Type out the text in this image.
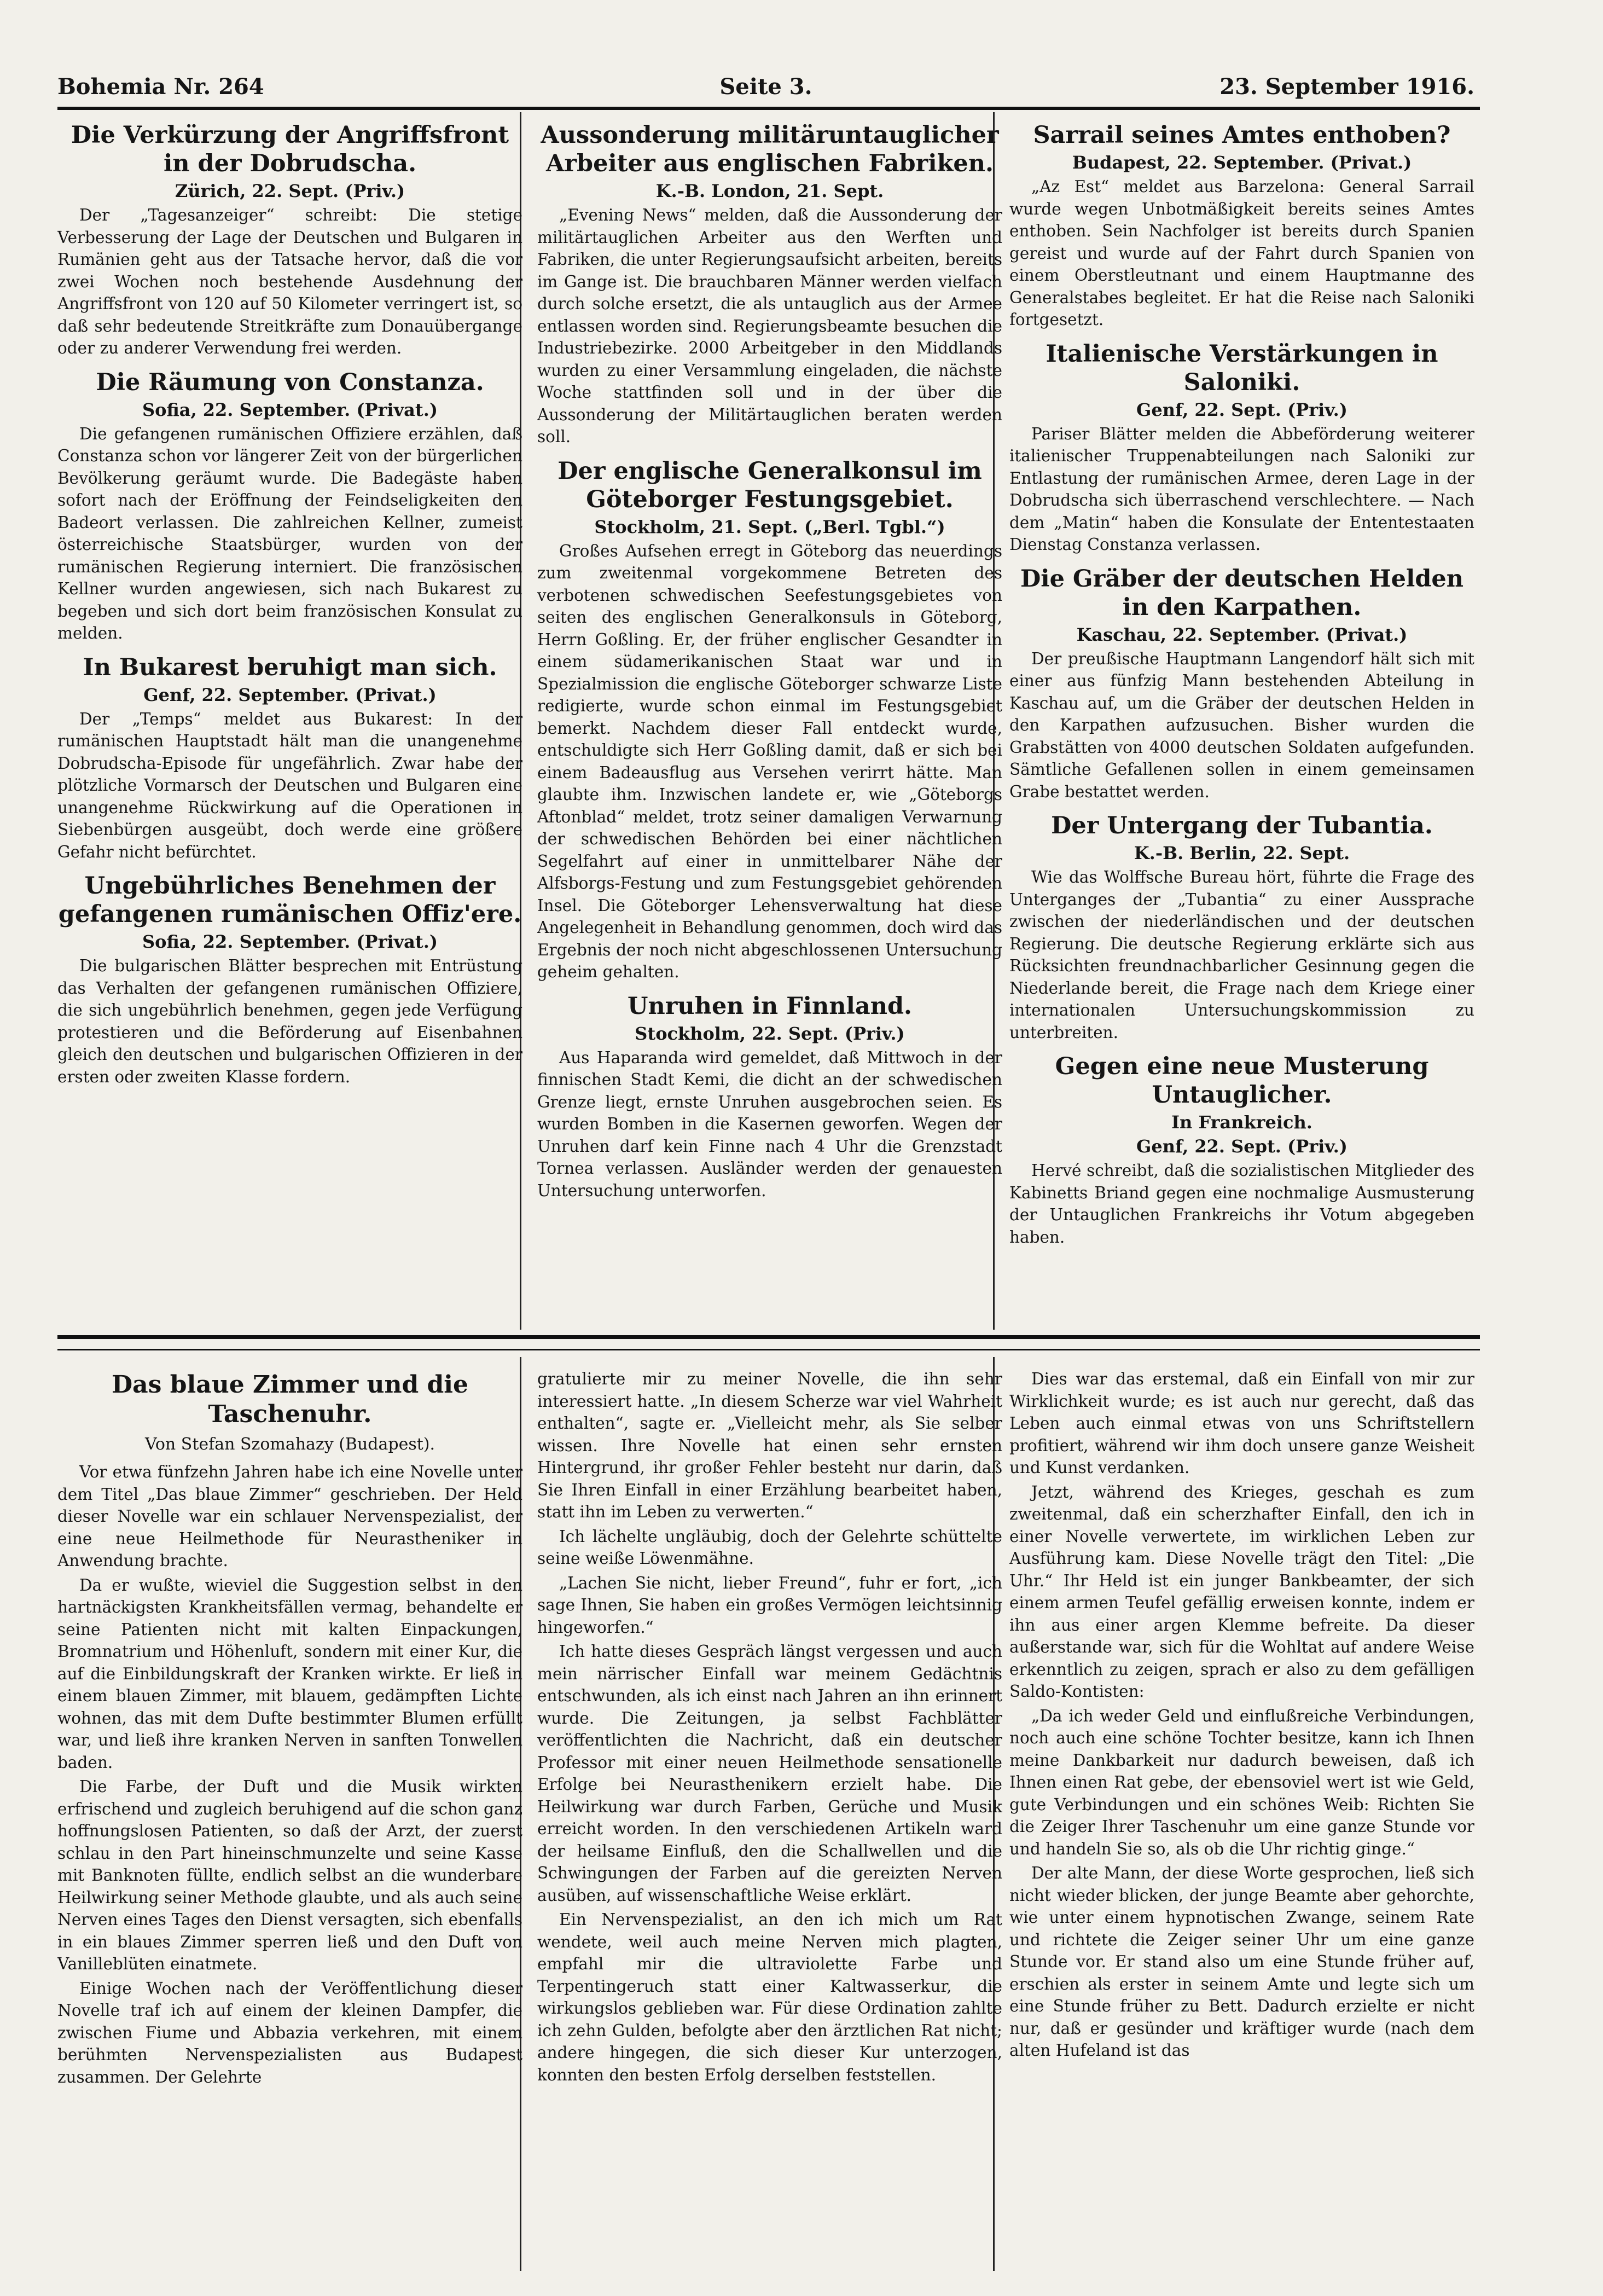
Bohemia Nr. 264	Seite 3.	23. September 1916.
Die Verkürzung der Angriffsfront in der Dobrudscha.
Zürich, 22. Sept. (Priv.)

Der „Tagesanzeiger“ schreibt: Die stetige Verbesserung der Lage der Deutschen und Bulgaren in Rumänien geht aus der Tatsache hervor, daß die vor zwei Wochen noch bestehende Ausdehnung der Angriffsfront von 120 auf 50 Kilometer verringert ist, so daß sehr bedeutende Streitkräfte zum Donauübergange oder zu anderer Verwendung frei werden.

Die Räumung von Constanza.
Sofia, 22. September. (Privat.)

Die gefangenen rumänischen Offiziere erzählen, daß Constanza schon vor längerer Zeit von der bürgerlichen Bevölkerung geräumt wurde. Die Badegäste haben sofort nach der Eröffnung der Feindseligkeiten den Badeort verlassen. Die zahlreichen Kellner, zumeist österreichische Staatsbürger, wurden von der rumänischen Regierung interniert. Die französischen Kellner wurden angewiesen, sich nach Bukarest zu begeben und sich dort beim französischen Konsulat zu melden.

In Bukarest beruhigt man sich.
Genf, 22. September. (Privat.)

Der „Temps“ meldet aus Bukarest: In der rumänischen Hauptstadt hält man die unangenehme Dobrudscha-Episode für ungefährlich. Zwar habe der plötzliche Vormarsch der Deutschen und Bulgaren eine unangenehme Rückwirkung auf die Operationen in Siebenbürgen ausgeübt, doch werde eine größere Gefahr nicht befürchtet.

Ungebührliches Benehmen der gefangenen rumänischen Offiz'ere.
Sofia, 22. September. (Privat.)

Die bulgarischen Blätter besprechen mit Entrüstung das Verhalten der gefangenen rumänischen Offiziere, die sich ungebührlich benehmen, gegen jede Verfügung protestieren und die Beförderung auf Eisenbahnen gleich den deutschen und bulgarischen Offizieren in der ersten oder zweiten Klasse fordern.

Aussonderung militäruntauglicher Arbeiter aus englischen Fabriken.
K.-B. London, 21. Sept.

„Evening News“ melden, daß die Aussonderung der militärtauglichen Arbeiter aus den Werften und Fabriken, die unter Regierungsaufsicht arbeiten, bereits im Gange ist. Die brauchbaren Männer werden vielfach durch solche ersetzt, die als untauglich aus der Armee entlassen worden sind. Regierungsbeamte besuchen die Industriebezirke. 2000 Arbeitgeber in den Middlands wurden zu einer Versammlung eingeladen, die nächste Woche stattfinden soll und in der über die Aussonderung der Militärtauglichen beraten werden soll.

Der englische Generalkonsul im Göteborger Festungsgebiet.
Stockholm, 21. Sept. („Berl. Tgbl.“)

Großes Aufsehen erregt in Göteborg das neuerdings zum zweitenmal vorgekommene Betreten des verbotenen schwedischen Seefestungsgebietes von seiten des englischen Generalkonsuls in Göteborg, Herrn Goßling. Er, der früher englischer Gesandter in einem südamerikanischen Staat war und in Spezialmission die englische Göteborger schwarze Liste redigierte, wurde schon einmal im Festungsgebiet bemerkt. Nachdem dieser Fall entdeckt wurde, entschuldigte sich Herr Goßling damit, daß er sich bei einem Badeausflug aus Versehen verirrt hätte. Man glaubte ihm. Inzwischen landete er, wie „Göteborgs Aftonblad“ meldet, trotz seiner damaligen Verwarnung der schwedischen Behörden bei einer nächtlichen Segelfahrt auf einer in unmittelbarer Nähe der Alfsborgs-Festung und zum Festungsgebiet gehörenden Insel. Die Göteborger Lehensverwaltung hat diese Angelegenheit in Behandlung genommen, doch wird das Ergebnis der noch nicht abgeschlossenen Untersuchung geheim gehalten.

Unruhen in Finnland.
Stockholm, 22. Sept. (Priv.)

Aus Haparanda wird gemeldet, daß Mittwoch in der finnischen Stadt Kemi, die dicht an der schwedischen Grenze liegt, ernste Unruhen ausgebrochen seien. Es wurden Bomben in die Kasernen geworfen. Wegen der Unruhen darf kein Finne nach 4 Uhr die Grenzstadt Tornea verlassen. Ausländer werden der genauesten Untersuchung unterworfen.

Sarrail seines Amtes enthoben?
Budapest, 22. September. (Privat.)

„Az Est“ meldet aus Barzelona: General Sarrail wurde wegen Unbotmäßigkeit bereits seines Amtes enthoben. Sein Nachfolger ist bereits durch Spanien gereist und wurde auf der Fahrt durch Spanien von einem Oberstleutnant und einem Hauptmanne des Generalstabes begleitet. Er hat die Reise nach Saloniki fortgesetzt.

Italienische Verstärkungen in Saloniki.
Genf, 22. Sept. (Priv.)

Pariser Blätter melden die Abbeförderung weiterer italienischer Truppenabteilungen nach Saloniki zur Entlastung der rumänischen Armee, deren Lage in der Dobrudscha sich überraschend verschlechtere. — Nach dem „Matin“ haben die Konsulate der Ententestaaten Dienstag Constanza verlassen.

Die Gräber der deutschen Helden in den Karpathen.
Kaschau, 22. September. (Privat.)

Der preußische Hauptmann Langendorf hält sich mit einer aus fünfzig Mann bestehenden Abteilung in Kaschau auf, um die Gräber der deutschen Helden in den Karpathen aufzusuchen. Bisher wurden die Grabstätten von 4000 deutschen Soldaten aufgefunden. Sämtliche Gefallenen sollen in einem gemeinsamen Grabe bestattet werden.

Der Untergang der Tubantia.
K.-B. Berlin, 22. Sept.

Wie das Wolffsche Bureau hört, führte die Frage des Unterganges der „Tubantia“ zu einer Aussprache zwischen der niederländischen und der deutschen Regierung. Die deutsche Regierung erklärte sich aus Rücksichten freundnachbarlicher Gesinnung gegen die Niederlande bereit, die Frage nach dem Kriege einer internationalen Untersuchungskommission zu unterbreiten.

Gegen eine neue Musterung Untauglicher.
In Frankreich.
Genf, 22. Sept. (Priv.)

Hervé schreibt, daß die sozialistischen Mitglieder des Kabinetts Briand gegen eine nochmalige Ausmusterung der Untauglichen Frankreichs ihr Votum abgegeben haben.

Das blaue Zimmer und die Taschenuhr.
Von Stefan Szomahazy (Budapest).

Vor etwa fünfzehn Jahren habe ich eine Novelle unter dem Titel „Das blaue Zimmer“ geschrieben. Der Held dieser Novelle war ein schlauer Nervenspezialist, der eine neue Heilmethode für Neurastheniker in Anwendung brachte.

Da er wußte, wieviel die Suggestion selbst in den hartnäckigsten Krankheitsfällen vermag, behandelte er seine Patienten nicht mit kalten Einpackungen, Bromnatrium und Höhenluft, sondern mit einer Kur, die auf die Einbildungskraft der Kranken wirkte. Er ließ in einem blauen Zimmer, mit blauem, gedämpften Lichte wohnen, das mit dem Dufte bestimmter Blumen erfüllt war, und ließ ihre kranken Nerven in sanften Tonwellen baden.

Die Farbe, der Duft und die Musik wirkten erfrischend und zugleich beruhigend auf die schon ganz hoffnungslosen Patienten, so daß der Arzt, der zuerst schlau in den Part hineinschmunzelte und seine Kasse mit Banknoten füllte, endlich selbst an die wunderbare Heilwirkung seiner Methode glaubte, und als auch seine Nerven eines Tages den Dienst versagten, sich ebenfalls in ein blaues Zimmer sperren ließ und den Duft von Vanilleblüten einatmete.

Einige Wochen nach der Veröffentlichung dieser Novelle traf ich auf einem der kleinen Dampfer, die zwischen Fiume und Abbazia verkehren, mit einem berühmten Nervenspezialisten aus Budapest zusammen. Der Gelehrte

gratulierte mir zu meiner Novelle, die ihn sehr interessiert hatte. „In diesem Scherze war viel Wahrheit enthalten“, sagte er. „Vielleicht mehr, als Sie selber wissen. Ihre Novelle hat einen sehr ernsten Hintergrund, ihr großer Fehler besteht nur darin, daß Sie Ihren Einfall in einer Erzählung bearbeitet haben, statt ihn im Leben zu verwerten.“

Ich lächelte ungläubig, doch der Gelehrte schüttelte seine weiße Löwenmähne.

„Lachen Sie nicht, lieber Freund“, fuhr er fort, „ich sage Ihnen, Sie haben ein großes Vermögen leichtsinnig hingeworfen.“

Ich hatte dieses Gespräch längst vergessen und auch mein närrischer Einfall war meinem Gedächtnis entschwunden, als ich einst nach Jahren an ihn erinnert wurde. Die Zeitungen, ja selbst Fachblätter veröffentlichten die Nachricht, daß ein deutscher Professor mit einer neuen Heilmethode sensationelle Erfolge bei Neurasthenikern erzielt habe. Die Heilwirkung war durch Farben, Gerüche und Musik erreicht worden. In den verschiedenen Artikeln ward der heilsame Einfluß, den die Schallwellen und die Schwingungen der Farben auf die gereizten Nerven ausüben, auf wissenschaftliche Weise erklärt.

Ein Nervenspezialist, an den ich mich um Rat wendete, weil auch meine Nerven mich plagten, empfahl mir die ultraviolette Farbe und Terpentingeruch statt einer Kaltwasserkur, die wirkungslos geblieben war. Für diese Ordination zahlte ich zehn Gulden, befolgte aber den ärztlichen Rat nicht; andere hingegen, die sich dieser Kur unterzogen, konnten den besten Erfolg derselben feststellen.

Dies war das erstemal, daß ein Einfall von mir zur Wirklichkeit wurde; es ist auch nur gerecht, daß das Leben auch einmal etwas von uns Schriftstellern profitiert, während wir ihm doch unsere ganze Weisheit und Kunst verdanken.

Jetzt, während des Krieges, geschah es zum zweitenmal, daß ein scherzhafter Einfall, den ich in einer Novelle verwertete, im wirklichen Leben zur Ausführung kam. Diese Novelle trägt den Titel: „Die Uhr.“ Ihr Held ist ein junger Bankbeamter, der sich einem armen Teufel gefällig erweisen konnte, indem er ihn aus einer argen Klemme befreite. Da dieser außerstande war, sich für die Wohltat auf andere Weise erkenntlich zu zeigen, sprach er also zu dem gefälligen Saldo-Kontisten:

„Da ich weder Geld und einflußreiche Verbindungen, noch auch eine schöne Tochter besitze, kann ich Ihnen meine Dankbarkeit nur dadurch beweisen, daß ich Ihnen einen Rat gebe, der ebensoviel wert ist wie Geld, gute Verbindungen und ein schönes Weib: Richten Sie die Zeiger Ihrer Taschenuhr um eine ganze Stunde vor und handeln Sie so, als ob die Uhr richtig ginge.“

Der alte Mann, der diese Worte gesprochen, ließ sich nicht wieder blicken, der junge Beamte aber gehorchte, wie unter einem hypnotischen Zwange, seinem Rate und richtete die Zeiger seiner Uhr um eine ganze Stunde vor. Er stand also um eine Stunde früher auf, erschien als erster in seinem Amte und legte sich um eine Stunde früher zu Bett. Dadurch erzielte er nicht nur, daß er gesünder und kräftiger wurde (nach dem alten Hufeland ist das
